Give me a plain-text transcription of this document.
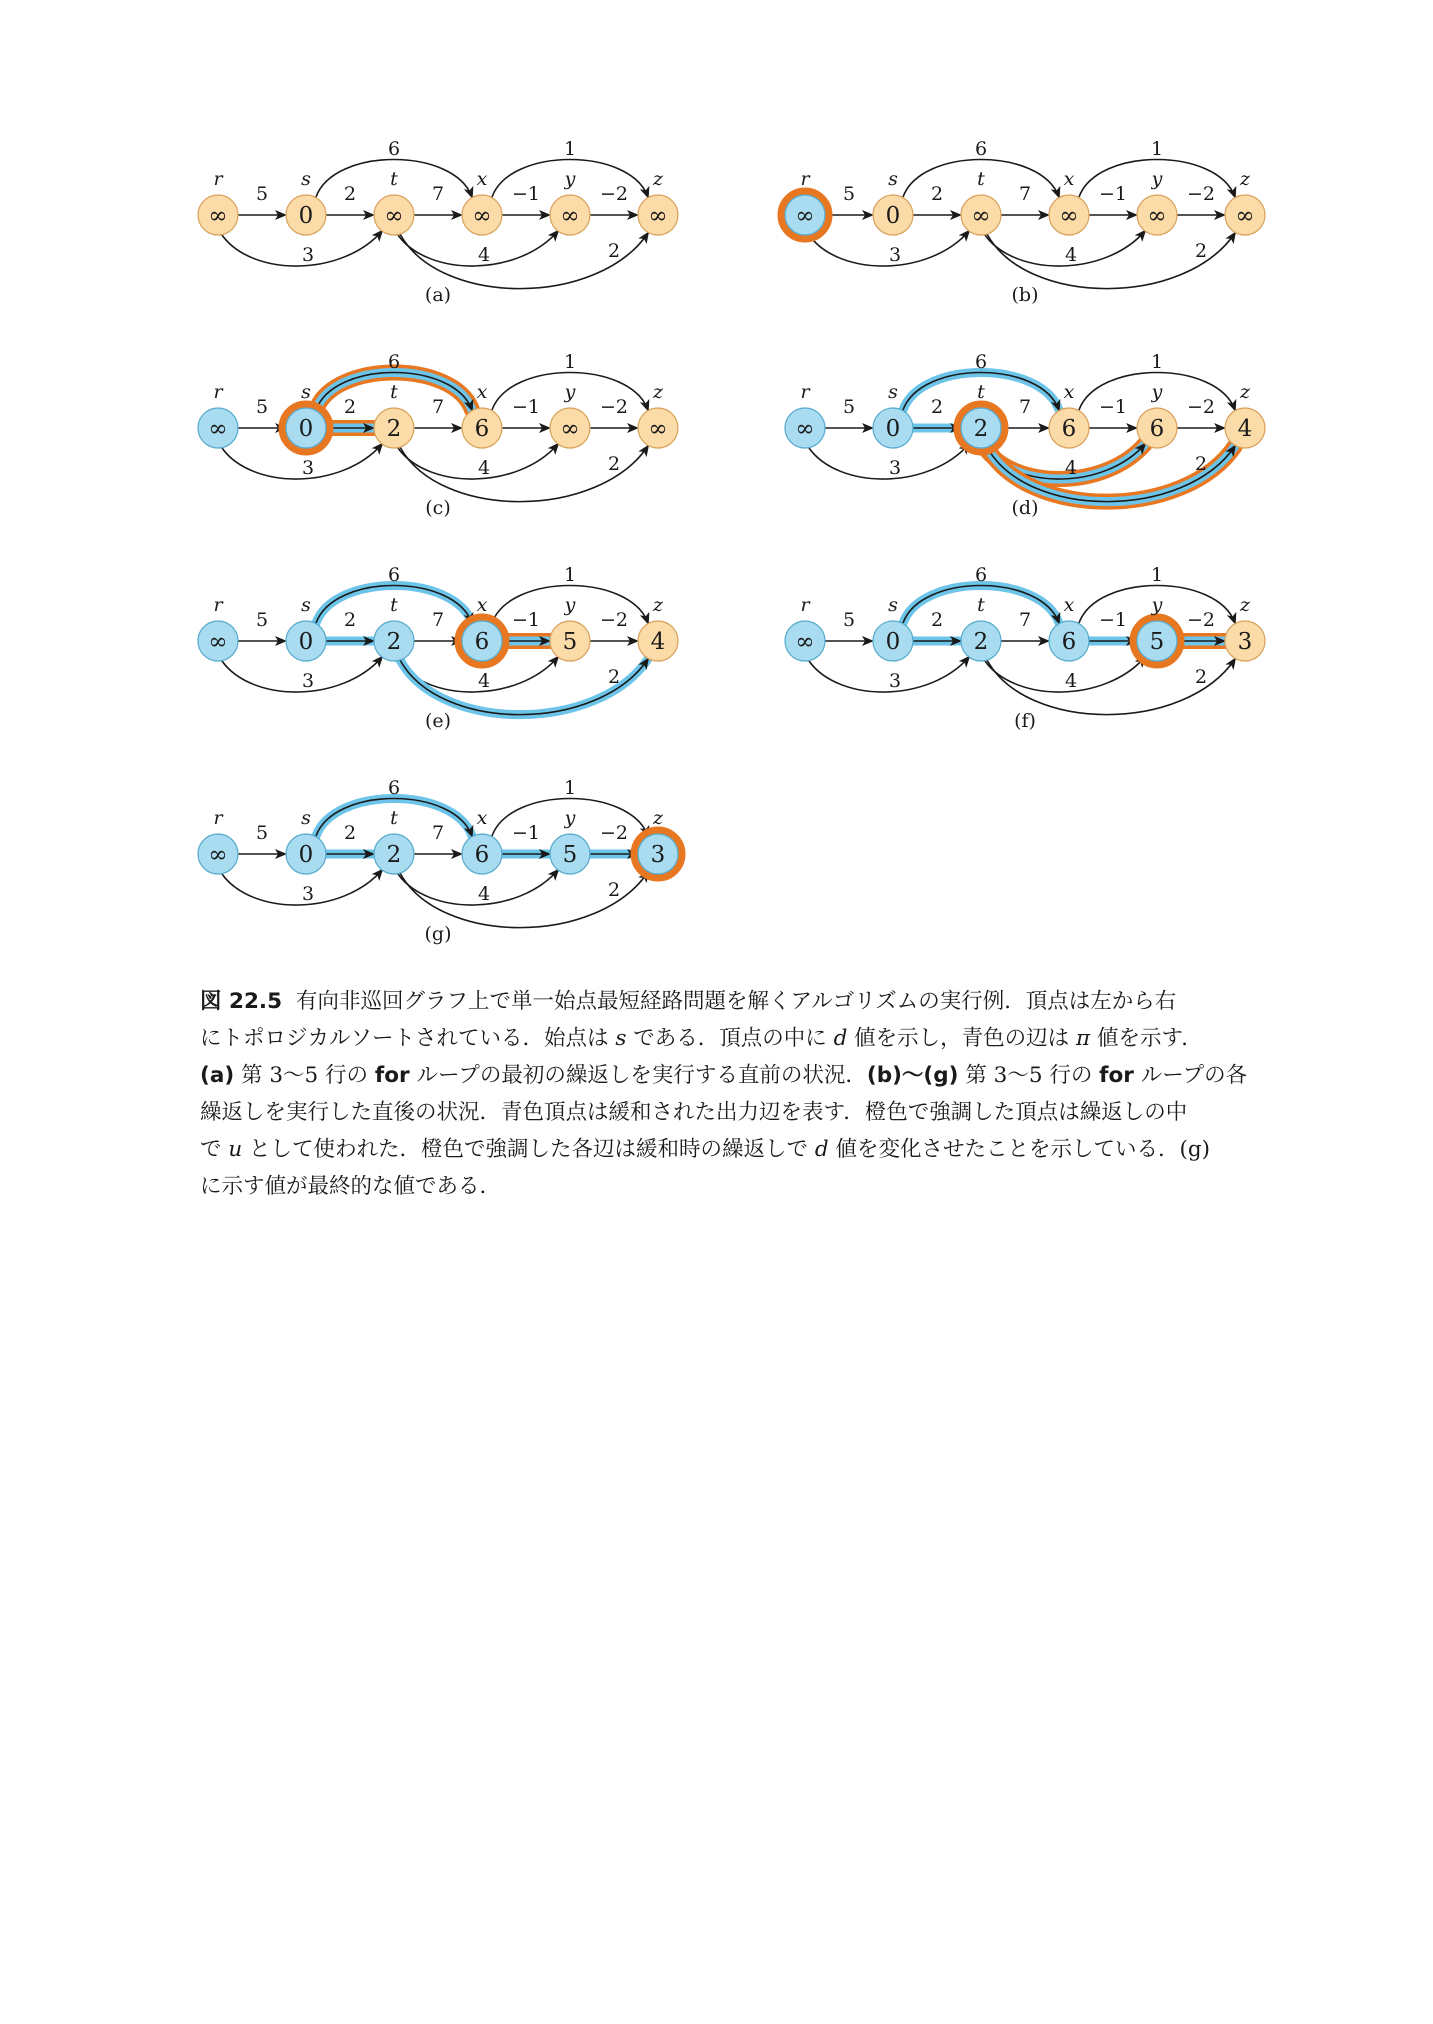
5	2	7	−1	−2
6	1
3	4	2
∞
r
0
s
∞
t
∞
x
∞
y
∞
z
(a)
5	2	7	−1	−2
6	1
3	4	2
∞
r
0
s
∞
t
∞
x
∞
y
∞
z
(b)
5	2	7	−1	−2
6	1
3	4	2
∞
r
0
s
2
t
6
x
∞
y
∞
z
(c)
5	2	7	−1	−2
6	1
3	4	2
∞
r
0
s
2
t
6
x
6
y
4
z
(d)
5	2	7	−1	−2
6	1
3	4	2
∞
r
0
s
2
t
6
x
5
y
4
z
(e)
5	2	7	−1	−2
6	1
3	4	2
∞
r
0
s
2
t
6
x
5
y
3
z
(f)
5	2	7	−1	−2
6	1
3	4	2
∞
r
0
s
2
t
6
x
5
y
3
z
(g)
図 22.5 有向非巡回グラフ上で単一始点最短経路問題を解くアルゴリズムの実行例．頂点は左から右
にトポロジカルソートされている．始点は s である．頂点の中に d 値を示し，青色の辺は π 値を示す．
(a) 第 3〜5 行の for ループの最初の繰返しを実行する直前の状況．(b)〜(g) 第 3〜5 行の for ループの各
繰返しを実行した直後の状況．青色頂点は緩和された出力辺を表す．橙色で強調した頂点は繰返しの中
で u として使われた．橙色で強調した各辺は緩和時の繰返しで d 値を変化させたことを示している．(g)
に示す値が最終的な値である．
